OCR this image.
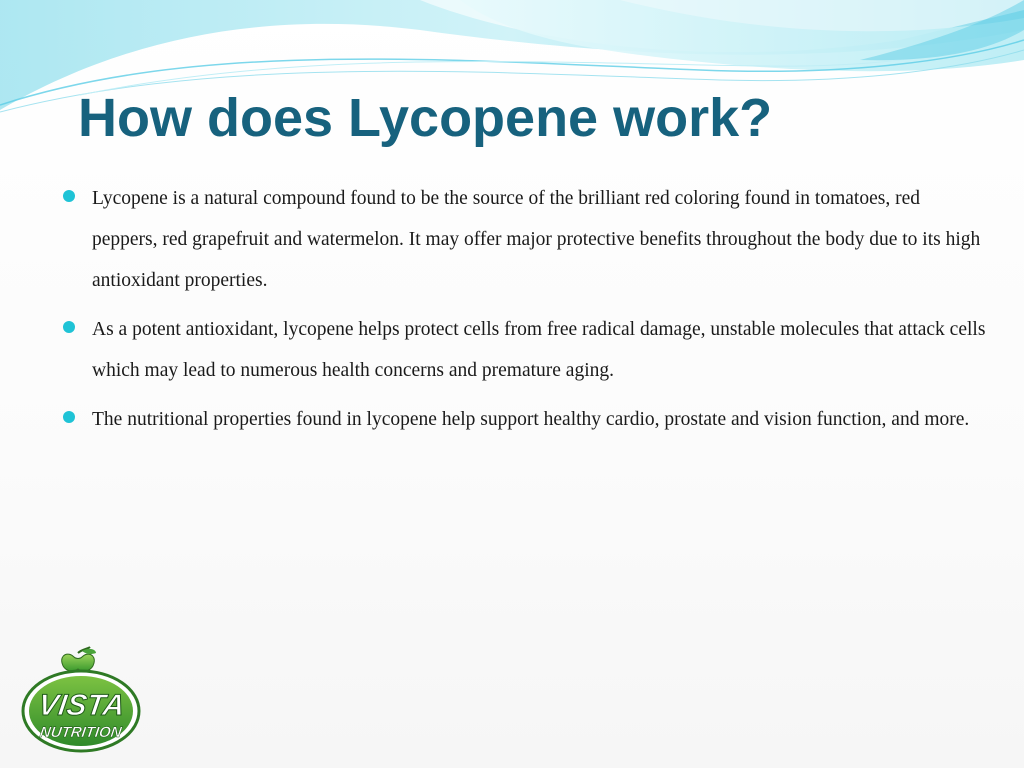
How does Lycopene work?
Lycopene is a natural compound found to be the source of the brilliant red coloring found in tomatoes, red peppers, red grapefruit and watermelon. It may offer major protective benefits throughout the body due to its high antioxidant properties.
As a potent antioxidant, lycopene helps protect cells from free radical damage, unstable molecules that attack cells which may lead to numerous health concerns and premature aging.
The nutritional properties found in lycopene help support healthy cardio, prostate and vision function, and more.
VISTA
NUTRITION
